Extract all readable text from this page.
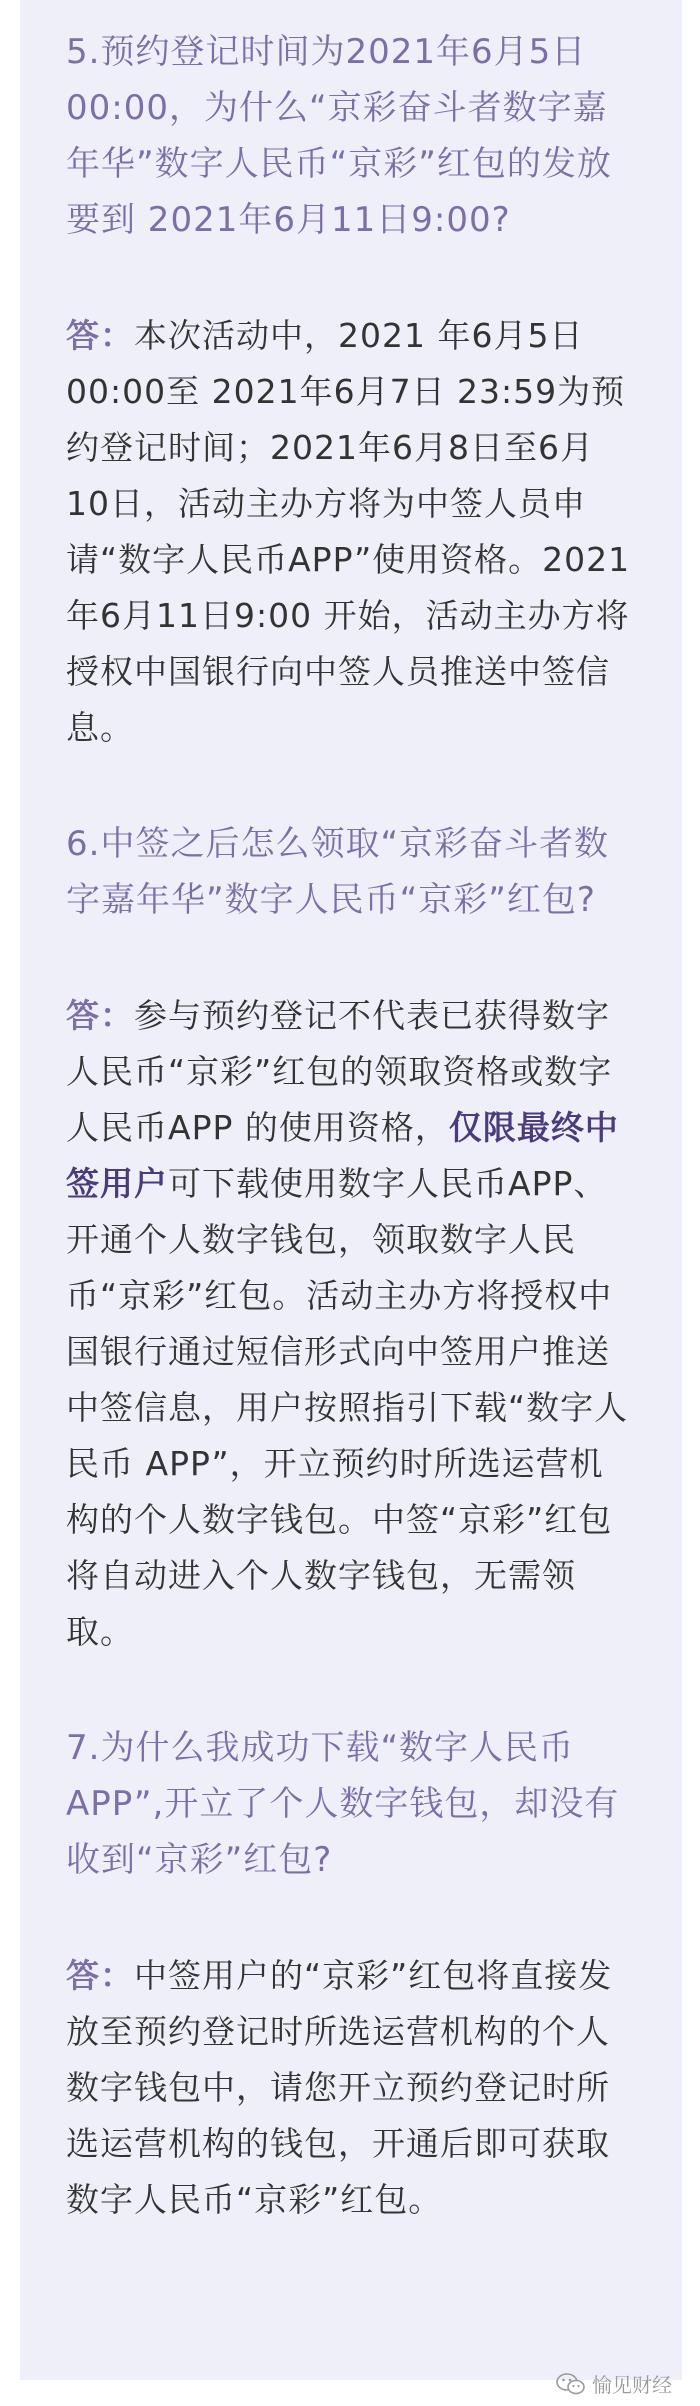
5.预约登记时间为2021年6月5日00:00，为什么“京彩奋斗者数字嘉年华”数字人民币“京彩”红包的发放要到 2021年6月11日9:00?

答：本次活动中，2021 年6月5日00:00至 2021年6月7日 23:59为预约登记时间；2021年6月8日至6月10日，活动主办方将为中签人员申请“数字人民币APP”使用资格。2021年6月11日9:00 开始，活动主办方将授权中国银行向中签人员推送中签信息。

6.中签之后怎么领取“京彩奋斗者数字嘉年华”数字人民币“京彩”红包?

答：参与预约登记不代表已获得数字人民币“京彩”红包的领取资格或数字人民币APP 的使用资格，仅限最终中签用户可下载使用数字人民币APP、开通个人数字钱包，领取数字人民币“京彩”红包。活动主办方将授权中国银行通过短信形式向中签用户推送中签信息，用户按照指引下载“数字人民币 APP”，开立预约时所选运营机构的个人数字钱包。中签“京彩”红包将自动进入个人数字钱包，无需领取。

7.为什么我成功下载“数字人民币APP”,开立了个人数字钱包，却没有收到“京彩”红包?

答：中签用户的“京彩”红包将直接发放至预约登记时所选运营机构的个人数字钱包中，请您开立预约登记时所选运营机构的钱包，开通后即可获取数字人民币“京彩”红包。

愉见财经
